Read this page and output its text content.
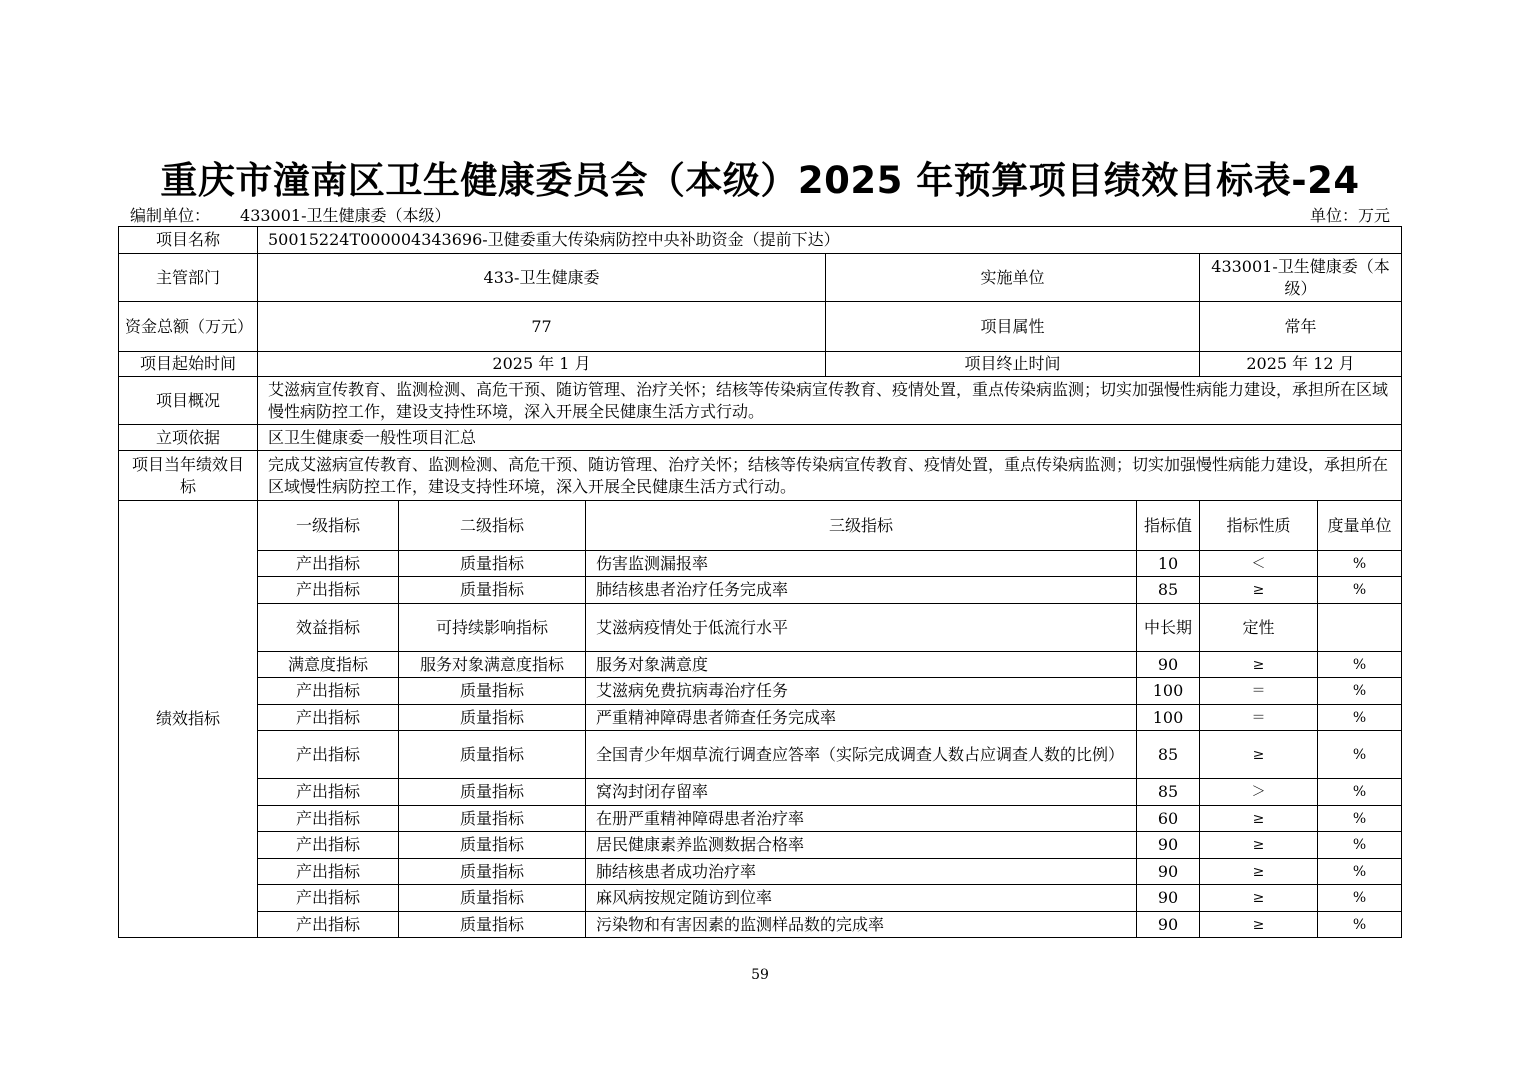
重庆市潼南区卫生健康委员会（本级）2025 年预算项目绩效目标表-24
编制单位： 433001-卫生健康委（本级）	单位：万元
项目名称	50015224T000004343696-卫健委重大传染病防控中央补助资金（提前下达）						
主管部门	433-卫生健康委			实施单位		433001-卫生健康委（本级）	
资金总额（万元）	77			项目属性		常年	
项目起始时间	2025 年 1 月			项目终止时间		2025 年 12 月	
项目概况	艾滋病宣传教育、监测检测、高危干预、随访管理、治疗关怀；结核等传染病宣传教育、疫情处置，重点传染病监测；切实加强慢性病能力建设，承担所在区域慢性病防控工作，建设支持性环境，深入开展全民健康生活方式行动。						
立项依据	区卫生健康委一般性项目汇总						
项目当年绩效目标	完成艾滋病宣传教育、监测检测、高危干预、随访管理、治疗关怀；结核等传染病宣传教育、疫情处置，重点传染病监测；切实加强慢性病能力建设，承担所在区域慢性病防控工作，建设支持性环境，深入开展全民健康生活方式行动。						
绩效指标	一级指标	二级指标	三级指标		指标值	指标性质	度量单位
	产出指标	质量指标	伤害监测漏报率		10	＜	%
	产出指标	质量指标	肺结核患者治疗任务完成率		85	≥	%
	效益指标	可持续影响指标	艾滋病疫情处于低流行水平		中长期	定性	
	满意度指标	服务对象满意度指标	服务对象满意度		90	≥	%
	产出指标	质量指标	艾滋病免费抗病毒治疗任务		100	＝	%
	产出指标	质量指标	严重精神障碍患者筛查任务完成率		100	＝	%
	产出指标	质量指标	全国青少年烟草流行调查应答率（实际完成调查人数占应调查人数的比例）		85	≥	%
	产出指标	质量指标	窝沟封闭存留率		85	＞	%
	产出指标	质量指标	在册严重精神障碍患者治疗率		60	≥	%
	产出指标	质量指标	居民健康素养监测数据合格率		90	≥	%
	产出指标	质量指标	肺结核患者成功治疗率		90	≥	%
	产出指标	质量指标	麻风病按规定随访到位率		90	≥	%
	产出指标	质量指标	污染物和有害因素的监测样品数的完成率		90	≥	%
59
